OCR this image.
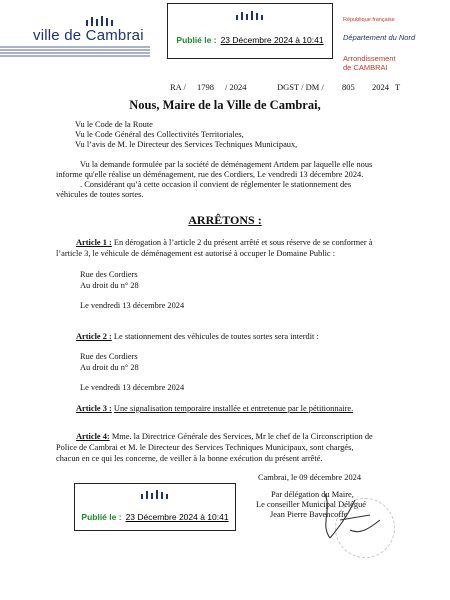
ville de Cambrai	Publié le : 23 Décembre 2024 à 10:41
République française
Département du Nord
Arrondissement
de CAMBRAI
RA / 1798 / 2024	DGST / DM / 805 2024 T
Nous, Maire de la Ville de Cambrai,
Vu le Code de la Route
Vu le Code Général des Collectivités Territoriales,
Vu l’avis de M. le Directeur des Services Techniques Municipaux,
Vu la demande formulée par la société de déménagement Artdem par laquelle elle nous
informe qu'elle réalise un déménagement, rue des Cordiers, Le vendredi 13 décembre 2024.
. Considérant qu’à cette occasion il convient de réglementer le stationnement des
véhicules de toutes sortes.
ARRÊTONS :
Article 1 : En dérogation à l’article 2 du présent arrêté et sous réserve de se conformer à
l’article 3, le véhicule de déménagement est autorisé à occuper le Domaine Public :
Rue des Cordiers
Au droit du n° 28
Le vendredi 13 décembre 2024
Article 2 : Le stationnement des véhicules de toutes sortes sera interdit :
Rue des Cordiers
Au droit du n° 28
Le vendredi 13 décembre 2024
Article 3 : Une signalisation temporaire installée et entretenue par le pétitionnaire.
Article 4: Mme. la Directrice Générale des Services, Mr le chef de la Circonscription de
Police de Cambrai et M. le Directeur des Services Techniques Municipaux, sont chargés,
chacun en ce qui les concerne, de veiller à la bonne exécution du présent arrêté.
Cambrai, le 09 décembre 2024
Par délégation du Maire,
Le conseiller Municipal Délégué
Jean Pierre Bavencoffe
Publié le : 23 Décembre 2024 à 10:41
